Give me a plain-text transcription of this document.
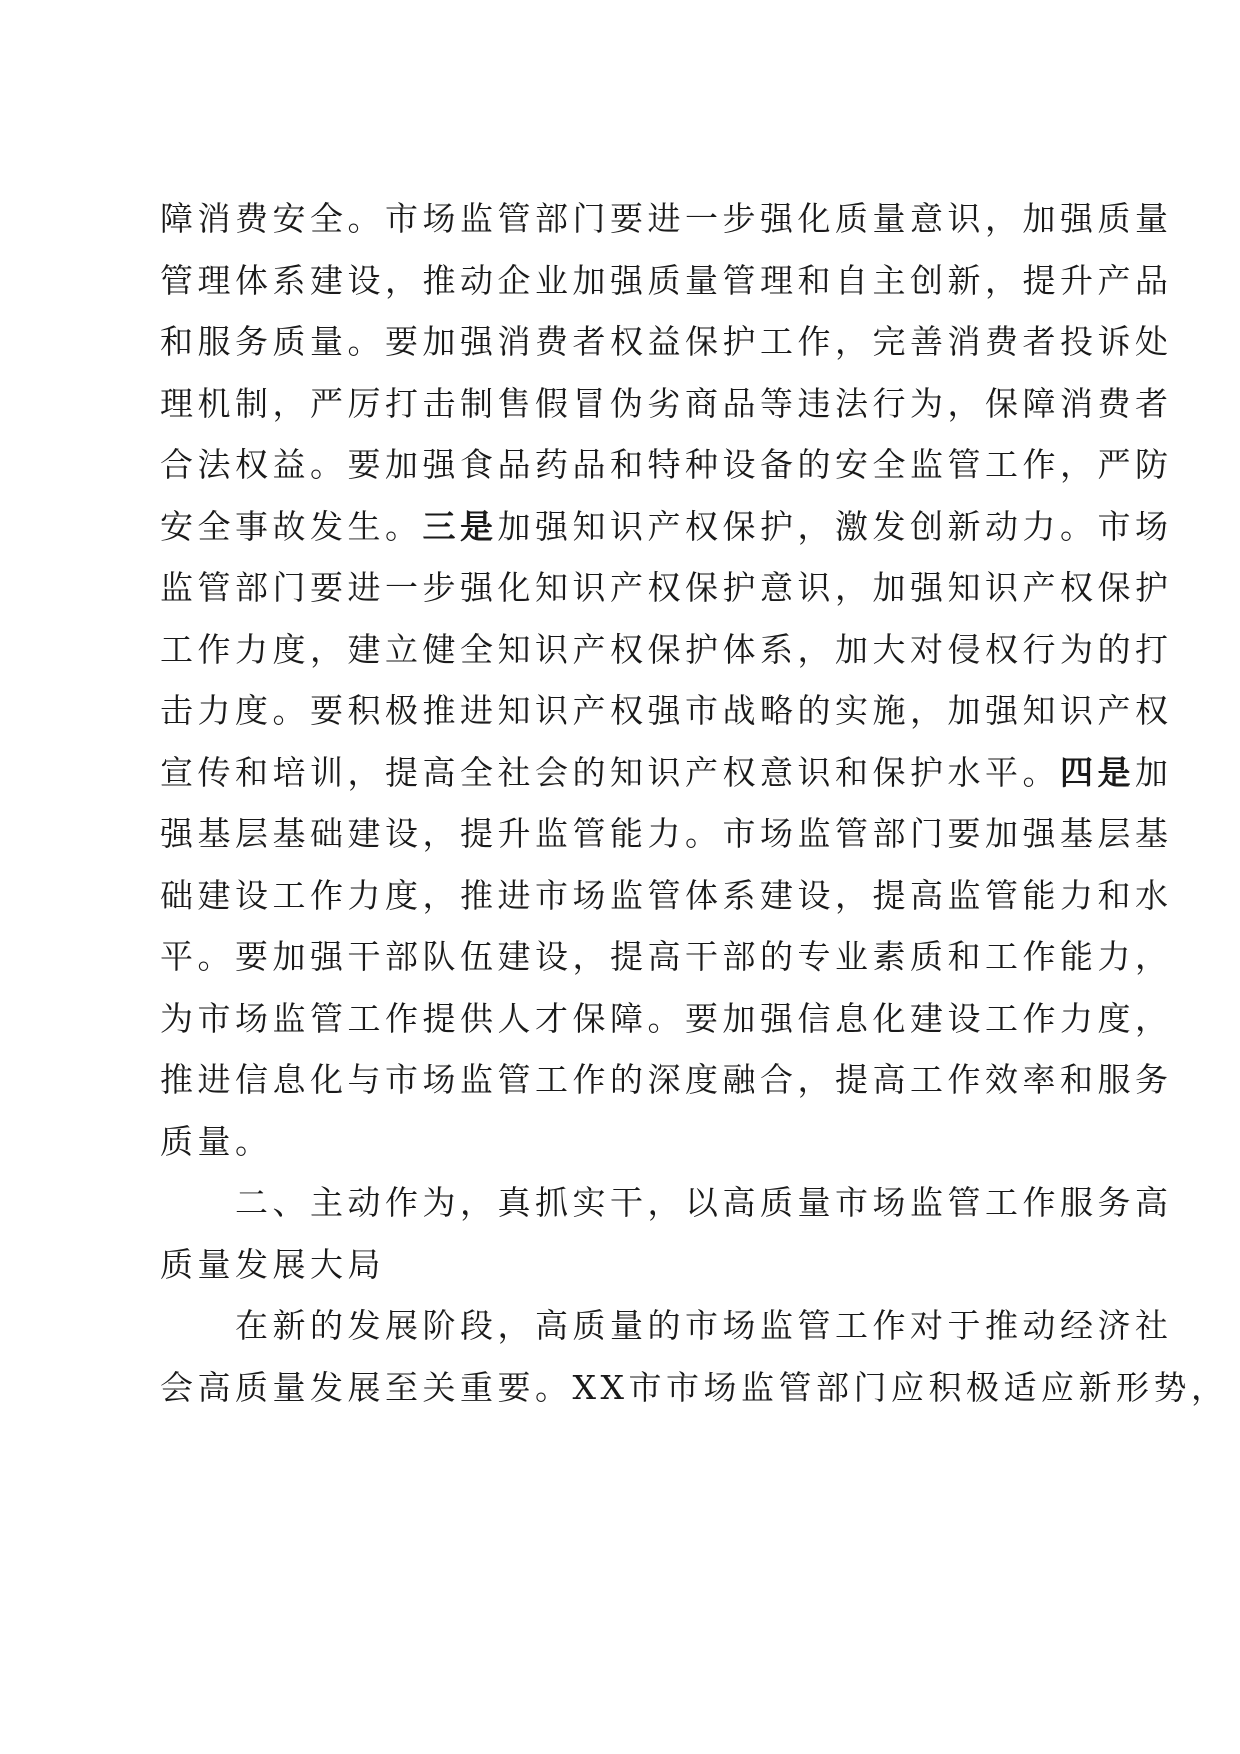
障消费安全。市场监管部门要进一步强化质量意识，加强质量
管理体系建设，推动企业加强质量管理和自主创新，提升产品
和服务质量。要加强消费者权益保护工作，完善消费者投诉处
理机制，严厉打击制售假冒伪劣商品等违法行为，保障消费者
合法权益。要加强食品药品和特种设备的安全监管工作，严防
安全事故发生。三是加强知识产权保护，激发创新动力。市场
监管部门要进一步强化知识产权保护意识，加强知识产权保护
工作力度，建立健全知识产权保护体系，加大对侵权行为的打
击力度。要积极推进知识产权强市战略的实施，加强知识产权
宣传和培训，提高全社会的知识产权意识和保护水平。四是加
强基层基础建设，提升监管能力。市场监管部门要加强基层基
础建设工作力度，推进市场监管体系建设，提高监管能力和水
平。要加强干部队伍建设，提高干部的专业素质和工作能力，
为市场监管工作提供人才保障。要加强信息化建设工作力度，
推进信息化与市场监管工作的深度融合，提高工作效率和服务
质量。
二、主动作为，真抓实干，以高质量市场监管工作服务高
质量发展大局
在新的发展阶段，高质量的市场监管工作对于推动经济社
会高质量发展至关重要。XX市市场监管部门应积极适应新形势，
